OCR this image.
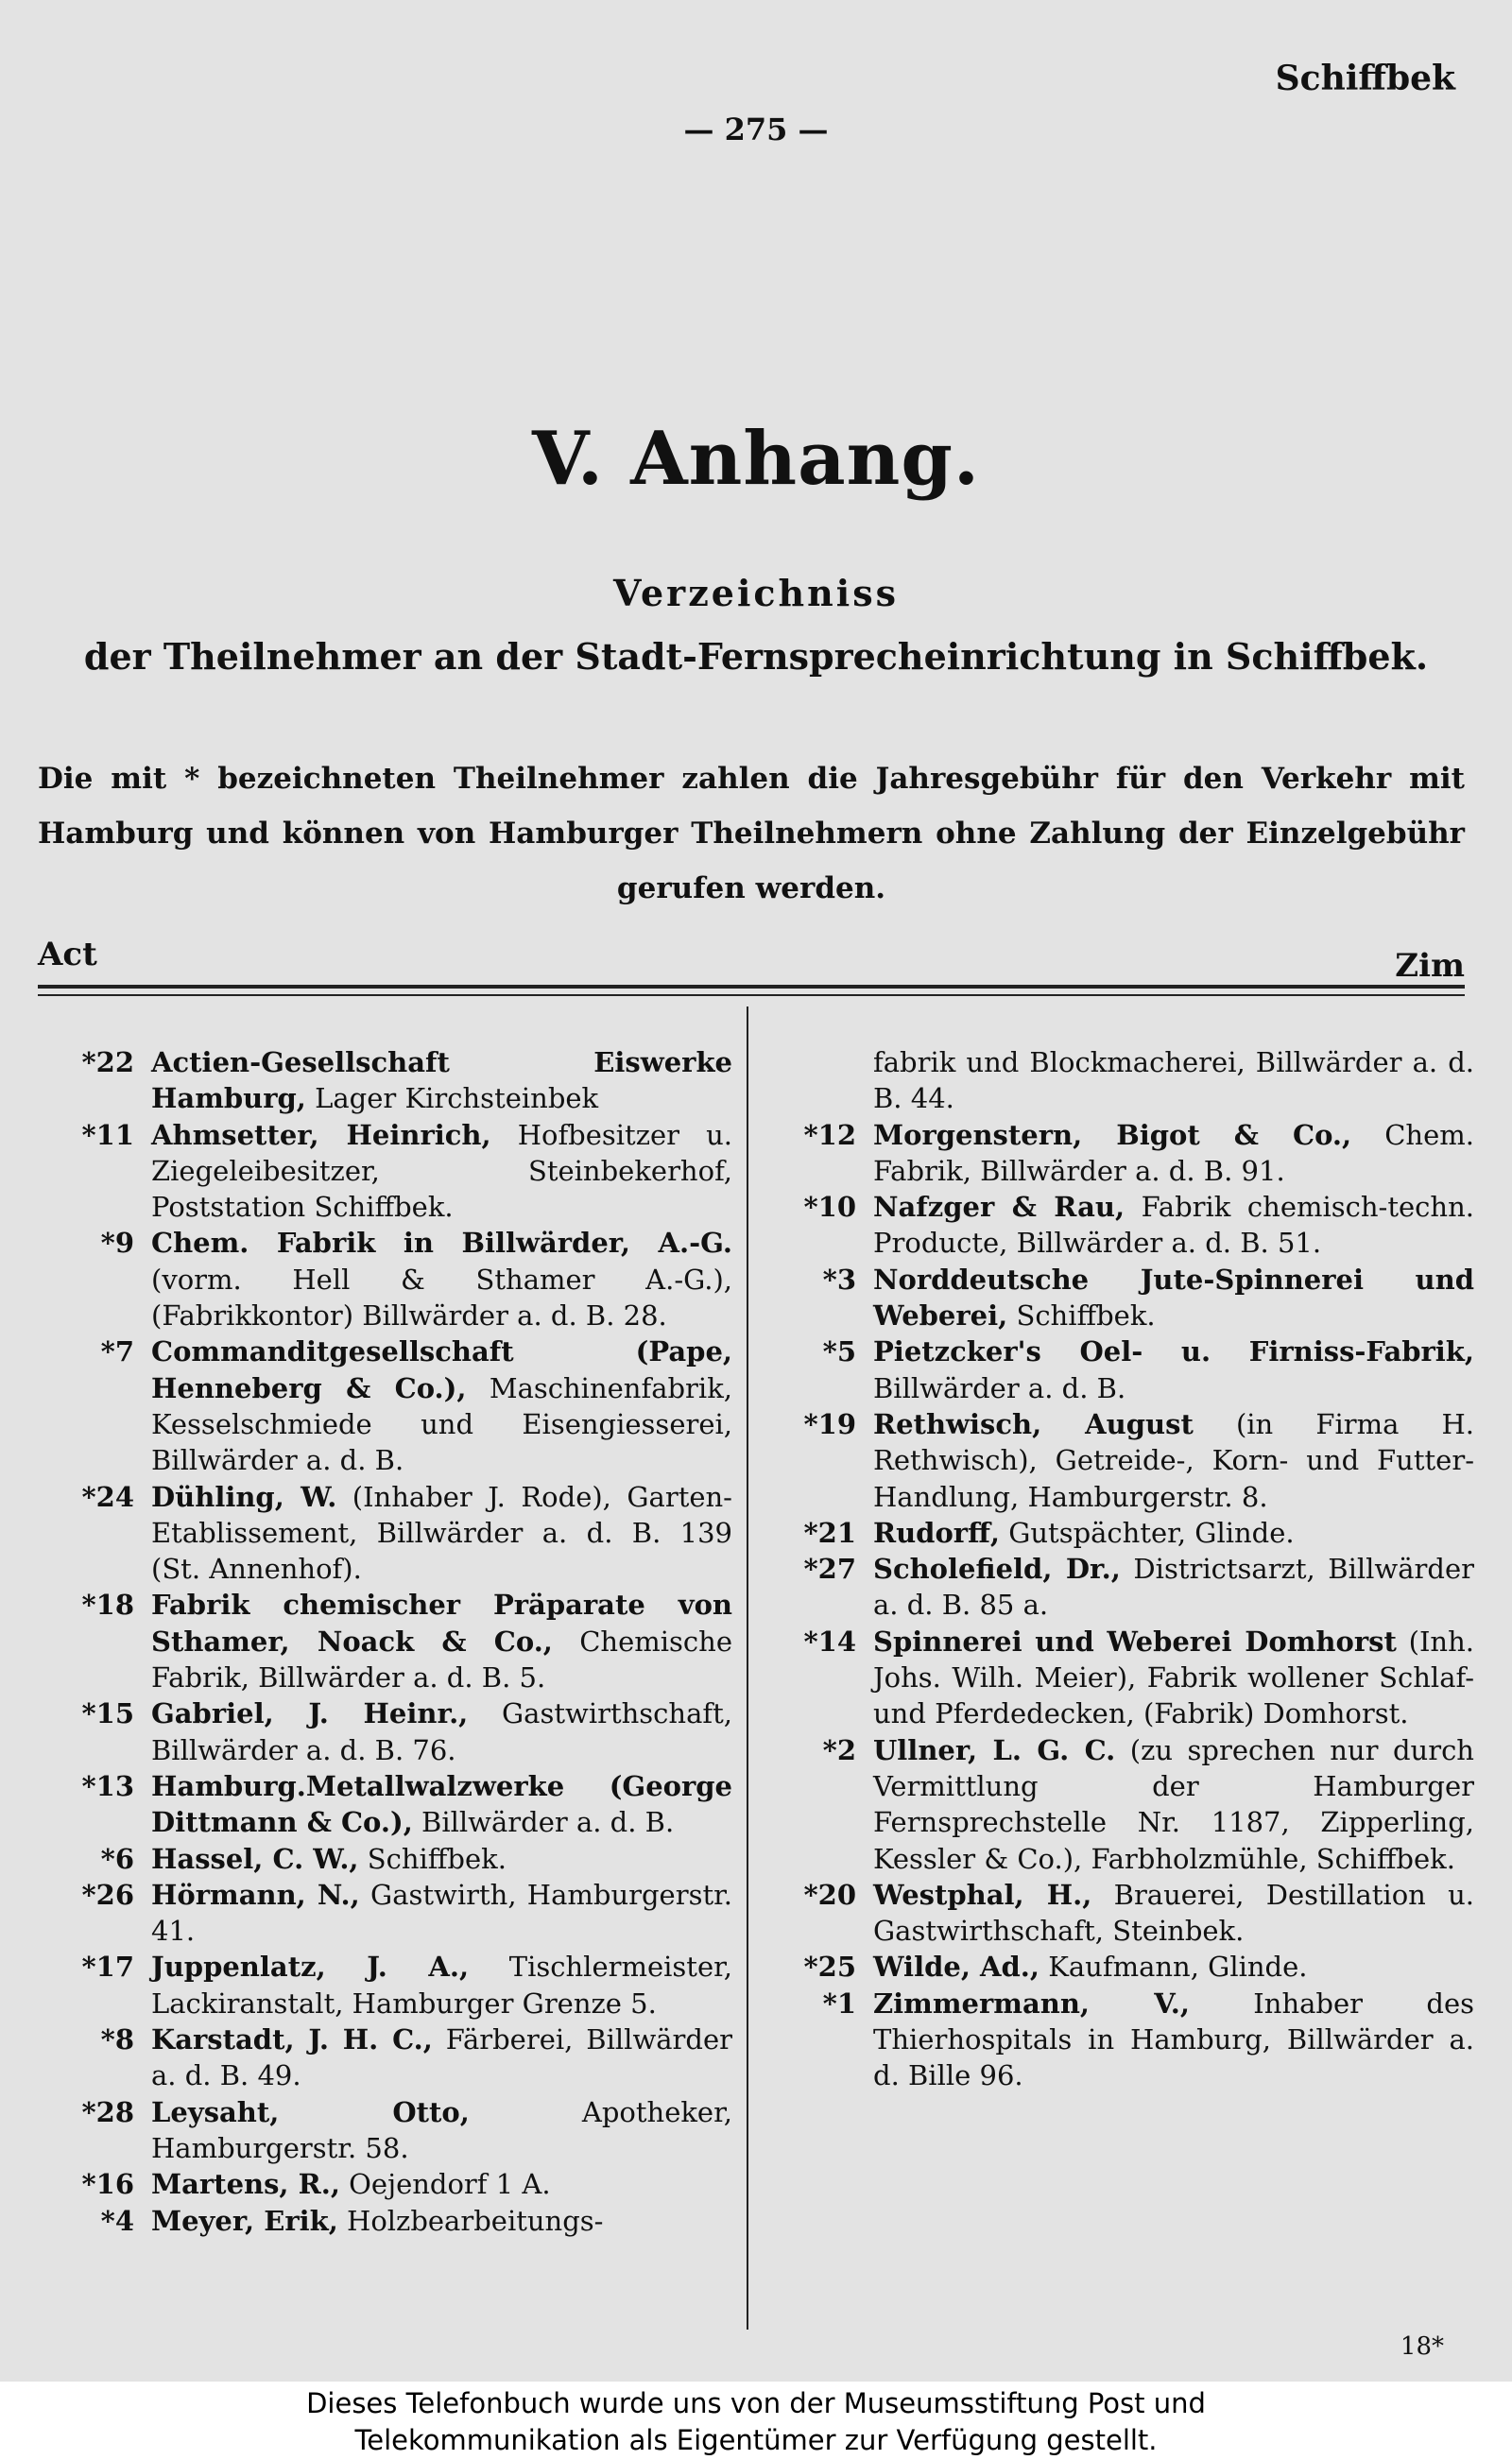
Schiffbek
— 275 —
V. Anhang.
Verzeichniss
der Theilnehmer an der Stadt-Fernsprecheinrichtung in Schiffbek.
Die mit * bezeichneten Theilnehmer zahlen die Jahresgebühr für den Verkehr mit
Hamburg und können von Hamburger Theilnehmern ohne Zahlung der Einzelgebühr
gerufen werden.
Act	Zim
*22 Actien-Gesellschaft Eiswerke Hamburg, Lager Kirchsteinbek
*11 Ahmsetter, Heinrich, Hofbesitzer u. Ziegeleibesitzer, Steinbekerhof, Poststation Schiffbek.
*9 Chem. Fabrik in Billwärder, A.-G. (vorm. Hell & Sthamer A.-G.), (Fabrikkontor) Billwärder a. d. B. 28.
*7 Commanditgesellschaft (Pape, Henneberg & Co.), Maschinenfabrik, Kesselschmiede und Eisengiesserei, Billwärder a. d. B.
*24 Dühling, W. (Inhaber J. Rode), Garten-Etablissement, Billwärder a. d. B. 139 (St. Annenhof).
*18 Fabrik chemischer Präparate von Sthamer, Noack & Co., Chemische Fabrik, Billwärder a. d. B. 5.
*15 Gabriel, J. Heinr., Gastwirthschaft, Billwärder a. d. B. 76.
*13 Hamburg.Metallwalzwerke (George Dittmann & Co.), Billwärder a. d. B.
*6 Hassel, C. W., Schiffbek.
*26 Hörmann, N., Gastwirth, Hamburgerstr. 41.
*17 Juppenlatz, J. A., Tischlermeister, Lackiranstalt, Hamburger Grenze 5.
*8 Karstadt, J. H. C., Färberei, Billwärder a. d. B. 49.
*28 Leysaht, Otto, Apotheker, Hamburgerstr. 58.
*16 Martens, R., Oejendorf 1 A.
*4 Meyer, Erik, Holzbearbeitungs-
fabrik und Blockmacherei, Billwärder a. d. B. 44.
*12 Morgenstern, Bigot & Co., Chem. Fabrik, Billwärder a. d. B. 91.
*10 Nafzger & Rau, Fabrik chemisch-techn. Producte, Billwärder a. d. B. 51.
*3 Norddeutsche Jute-Spinnerei und Weberei, Schiffbek.
*5 Pietzcker's Oel- u. Firniss-Fabrik, Billwärder a. d. B.
*19 Rethwisch, August (in Firma H. Rethwisch), Getreide-, Korn- und Futter-Handlung, Hamburgerstr. 8.
*21 Rudorff, Gutspächter, Glinde.
*27 Scholefield, Dr., Districtsarzt, Billwärder a. d. B. 85 a.
*14 Spinnerei und Weberei Domhorst (Inh. Johs. Wilh. Meier), Fabrik wollener Schlaf- und Pferdedecken, (Fabrik) Domhorst.
*2 Ullner, L. G. C. (zu sprechen nur durch Vermittlung der Hamburger Fernsprechstelle Nr. 1187, Zipperling, Kessler & Co.), Farbholzmühle, Schiffbek.
*20 Westphal, H., Brauerei, Destillation u. Gastwirthschaft, Steinbek.
*25 Wilde, Ad., Kaufmann, Glinde.
*1 Zimmermann, V., Inhaber des Thierhospitals in Hamburg, Billwärder a. d. Bille 96.
18*
Dieses Telefonbuch wurde uns von der Museumsstiftung Post und
Telekommunikation als Eigentümer zur Verfügung gestellt.
